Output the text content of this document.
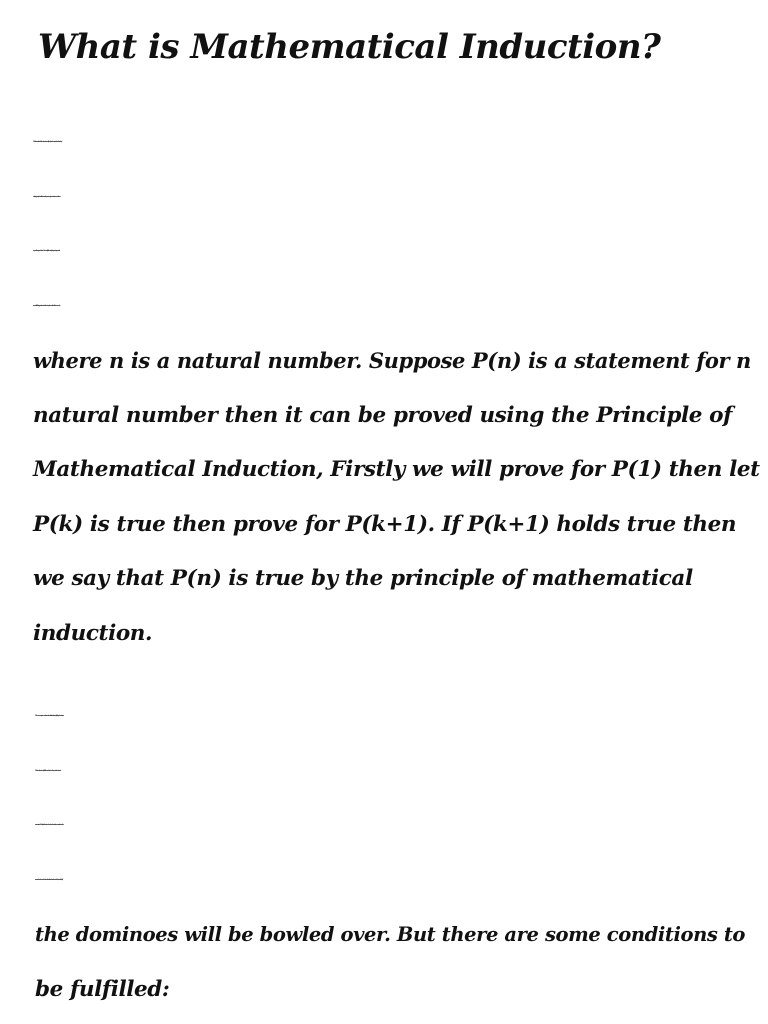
What is Mathematical Induction?
Mathematical Induction is one of the fundamental methods of
writing proofs and it is used to prove a given statement about
any well-organized set. Generally, it is used for proving results
or establishing statements that are formulated in terms of n,
where n is a natural number. Suppose P(n) is a statement for n
natural number then it can be proved using the Principle of
Mathematical Induction, Firstly we will prove for P(1) then let
P(k) is true then prove for P(k+1). If P(k+1) holds true then
we say that P(n) is true by the principle of mathematical
induction.
We can compare mathematical induction to falling dominoes.
When a domino falls, it knocks down the next domino in
succession. The first domino knocks down the second one, the
second one knocks down the third, and so on. In the end, all of
the dominoes will be bowled over. But there are some conditions to
be fulfilled:
